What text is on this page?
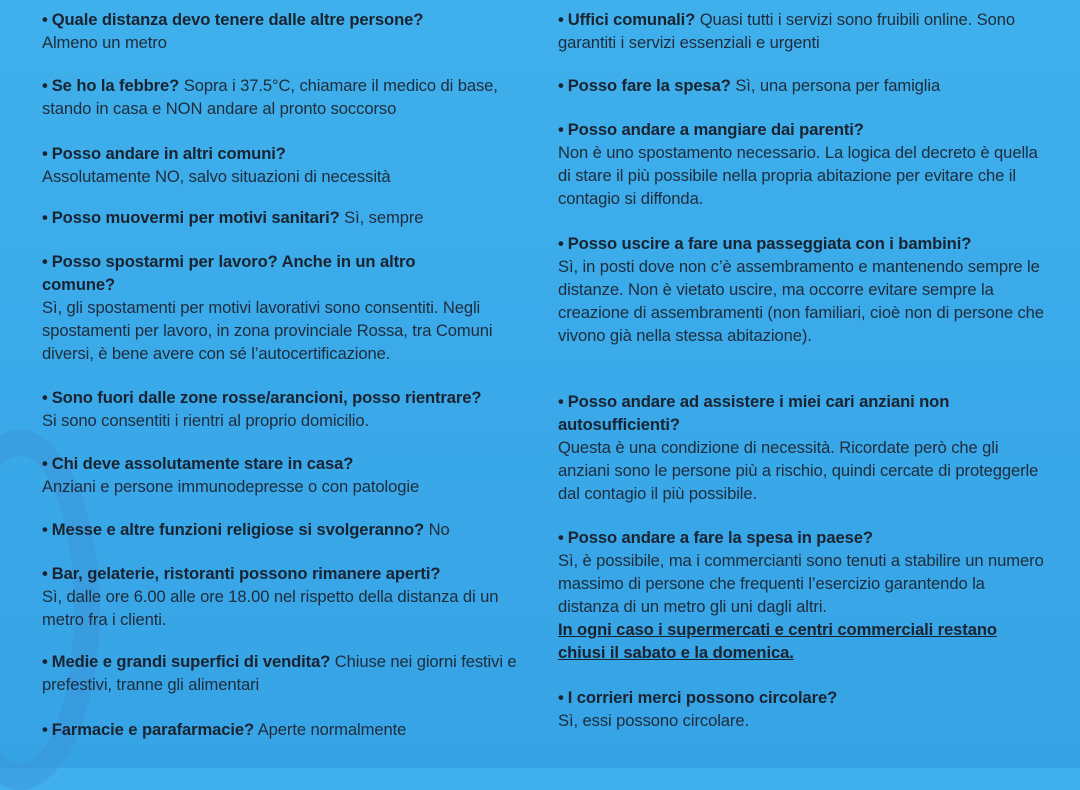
• Quale distanza devo tenere dalle altre persone?
Almeno un metro
• Se ho la febbre? Sopra i 37.5°C, chiamare il medico di base, stando in casa e NON andare al pronto soccorso
• Posso andare in altri comuni?
Assolutamente NO, salvo situazioni di necessità
• Posso muovermi per motivi sanitari? Sì, sempre
• Posso spostarmi per lavoro? Anche in un altro comune?
Sì, gli spostamenti per motivi lavorativi sono consentiti. Negli spostamenti per lavoro, in zona provinciale Rossa, tra Comuni diversi, è bene avere con sé l’autocertificazione.
• Sono fuori dalle zone rosse/arancioni, posso rientrare?
Si sono consentiti i rientri al proprio domicilio.
• Chi deve assolutamente stare in casa?
Anziani e persone immunodepresse o con patologie
• Messe e altre funzioni religiose si svolgeranno? No
• Bar, gelaterie, ristoranti possono rimanere aperti?
Sì, dalle ore 6.00 alle ore 18.00 nel rispetto della distanza di un metro fra i clienti.
• Medie e grandi superfici di vendita? Chiuse nei giorni festivi e prefestivi, tranne gli alimentari
• Farmacie e parafarmacie? Aperte normalmente
• Uffici comunali? Quasi tutti i servizi sono fruibili online. Sono garantiti i servizi essenziali e urgenti
• Posso fare la spesa? Sì, una persona per famiglia
• Posso andare a mangiare dai parenti?
Non è uno spostamento necessario. La logica del decreto è quella di stare il più possibile nella propria abitazione per evitare che il contagio si diffonda.
• Posso uscire a fare una passeggiata con i bambini?
Sì, in posti dove non c’è assembramento e mantenendo sempre le distanze. Non è vietato uscire, ma occorre evitare sempre la creazione di assembramenti (non familiari, cioè non di persone che vivono già nella stessa abitazione).
• Posso andare ad assistere i miei cari anziani non autosufficienti?
Questa è una condizione di necessità. Ricordate però che gli anziani sono le persone più a rischio, quindi cercate di proteggerle dal contagio il più possibile.
• Posso andare a fare la spesa in paese?
Sì, è possibile, ma i commercianti sono tenuti a stabilire un numero massimo di persone che frequenti l’esercizio garantendo la distanza di un metro gli uni dagli altri.
In ogni caso i supermercati e centri commerciali restano chiusi il sabato e la domenica.
• I corrieri merci possono circolare?
Sì, essi possono circolare.
